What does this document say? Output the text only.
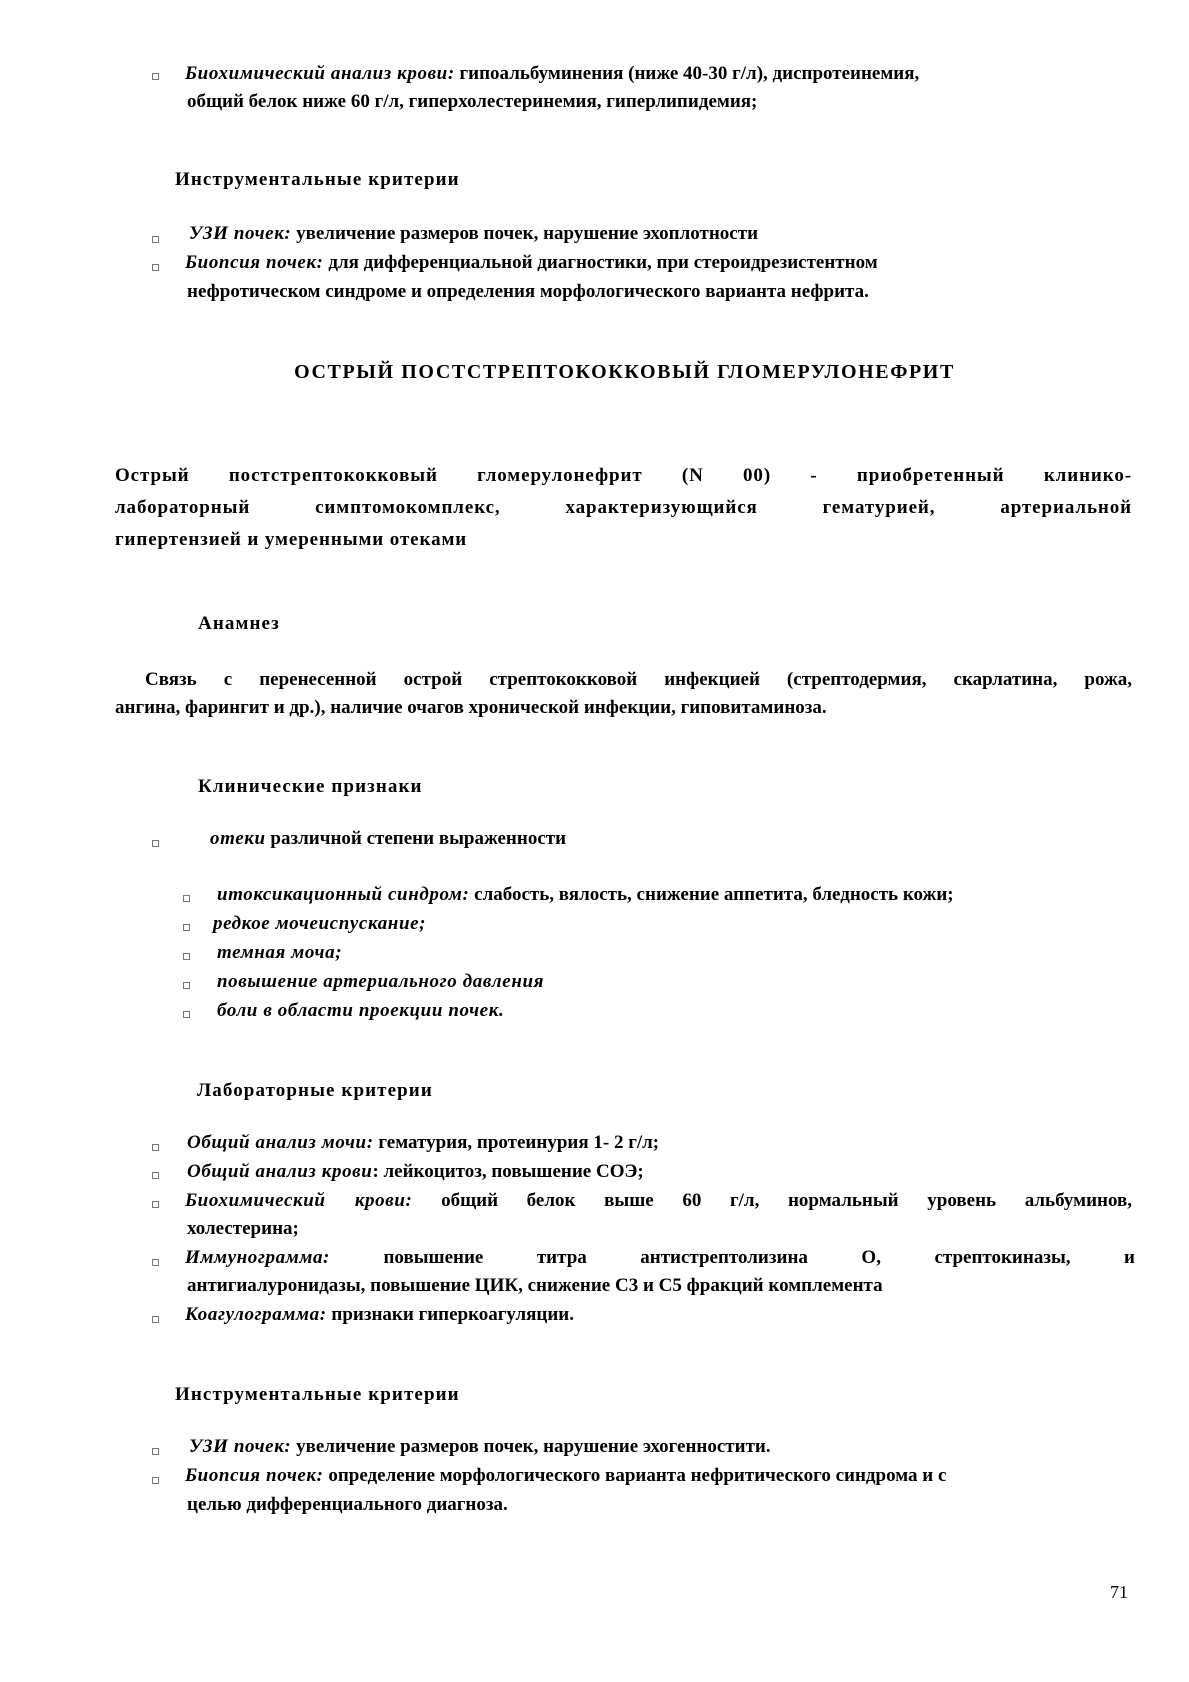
Биохимический анализ крови: гипоальбуминения (ниже 40-30 г/л), диспротеинемия,
общий белок ниже 60 г/л, гиперхолестеринемия, гиперлипидемия;
Инструментальные критерии
УЗИ почек: увеличение размеров почек, нарушение эхоплотности
Биопсия почек: для дифференциальной диагностики, при стероидрезистентном
нефротическом синдроме и определения морфологического варианта нефрита.
ОСТРЫЙ ПОСТСТРЕПТОКОККОВЫЙ ГЛОМЕРУЛОНЕФРИТ
Острый постстрептококковый гломерулонефрит (N 00) - приобретенный клинико-
лабораторный симптомокомплекс, характеризующийся гематурией, артериальной
гипертензией и умеренными отеками
Анамнез
Связь с перенесенной острой стрептококковой инфекцией (стрептодермия, скарлатина, рожа,
ангина, фарингит и др.), наличие очагов хронической инфекции, гиповитаминоза.
Клинические признаки
отеки различной степени выраженности
итоксикационный синдром: слабость, вялость, снижение аппетита, бледность кожи;
редкое мочеиспускание;
темная моча;
повышение артериального давления
боли в области проекции почек.
Лабораторные критерии
Общий анализ мочи: гематурия, протеинурия 1- 2 г/л;
Общий анализ крови: лейкоцитоз, повышение СОЭ;
Биохимический крови: общий белок выше 60 г/л, нормальный уровень альбуминов,
холестерина;
Иммунограмма: повышение титра антистрептолизина О, стрептокиназы, и
антигиалуронидазы, повышение ЦИК, снижение С3 и С5 фракций комплемента
Коагулограмма: признаки гиперкоагуляции.
Инструментальные критерии
УЗИ почек: увеличение размеров почек, нарушение эхогенностити.
Биопсия почек: определение морфологического варианта нефритического синдрома и с
целью дифференциального диагноза.
71
